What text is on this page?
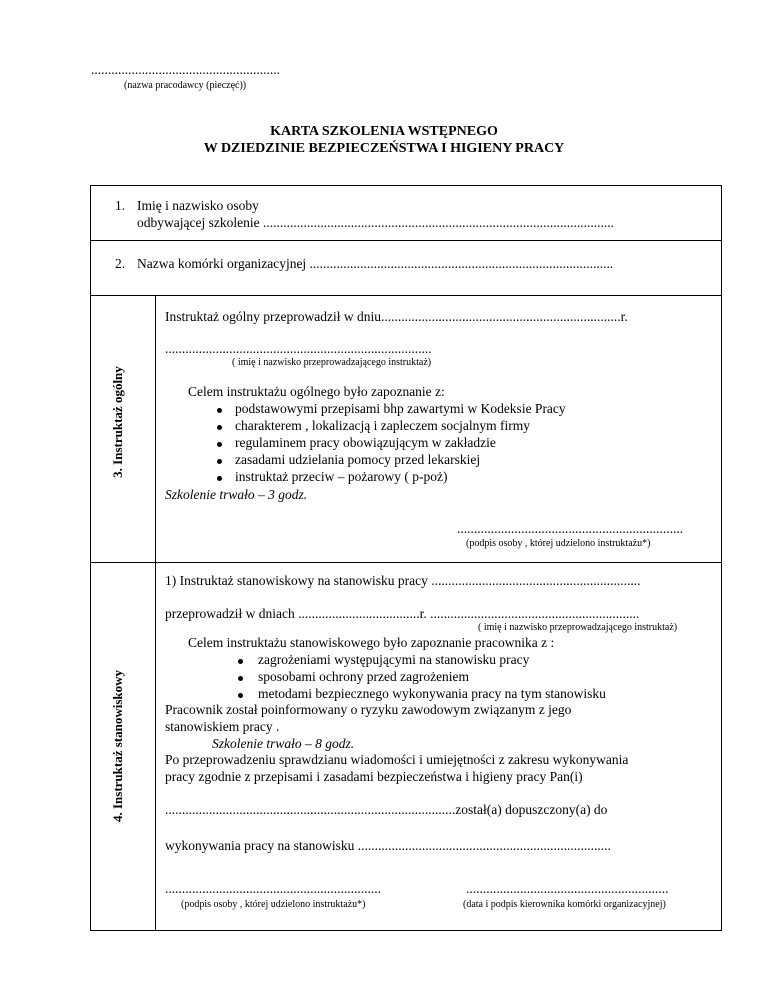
........................................................
(nazwa pracodawcy (pieczęć))
KARTA SZKOLENIA WSTĘPNEGO
W DZIEDZINIE BEZPIECZEŃSTWA I HIGIENY PRACY
1. Imię i nazwisko osoby
odbywającej szkolenie ........................................................................................................
2. Nazwa komórki organizacyjnej ..........................................................................................
3. Instruktaż ogólny
Instruktaż ogólny przeprowadził w dniu.......................................................................r.
...............................................................................
( imię i nazwisko przeprowadzającego instruktaż)
Celem instruktażu ogólnego było zapoznanie z:
podstawowymi przepisami bhp zawartymi w Kodeksie Pracy
charakterem , lokalizacją i zapleczem socjalnym firmy
regulaminem pracy obowiązującym w zakładzie
zasadami udzielania pomocy przed lekarskiej
instruktaż przeciw – pożarowy ( p-poż)
Szkolenie trwało – 3 godz.
...................................................................
(podpis osoby , której udzielono instruktażu*)
4. Instruktaż stanowiskowy
1) Instruktaż stanowiskowy na stanowisku pracy ..............................................................
przeprowadził w dniach ....................................r. ..............................................................
( imię i nazwisko przeprowadzającego instruktaż)
Celem instruktażu stanowiskowego było zapoznanie pracownika z :
zagrożeniami występującymi na stanowisku pracy
sposobami ochrony przed zagrożeniem
metodami bezpiecznego wykonywania pracy na tym stanowisku
Pracownik został poinformowany o ryzyku zawodowym związanym z jego
stanowiskiem pracy .
Szkolenie trwało – 8 godz.
Po przeprowadzeniu sprawdzianu wiadomości i umiejętności z zakresu wykonywania
pracy zgodnie z przepisami i zasadami bezpieczeństwa i higieny pracy Pan(i)
......................................................................................został(a) dopuszczony(a) do
wykonywania pracy na stanowisku ...........................................................................
................................................................
(podpis osoby , której udzielono instruktażu*)
............................................................
(data i podpis kierownika komórki organizacyjnej)
